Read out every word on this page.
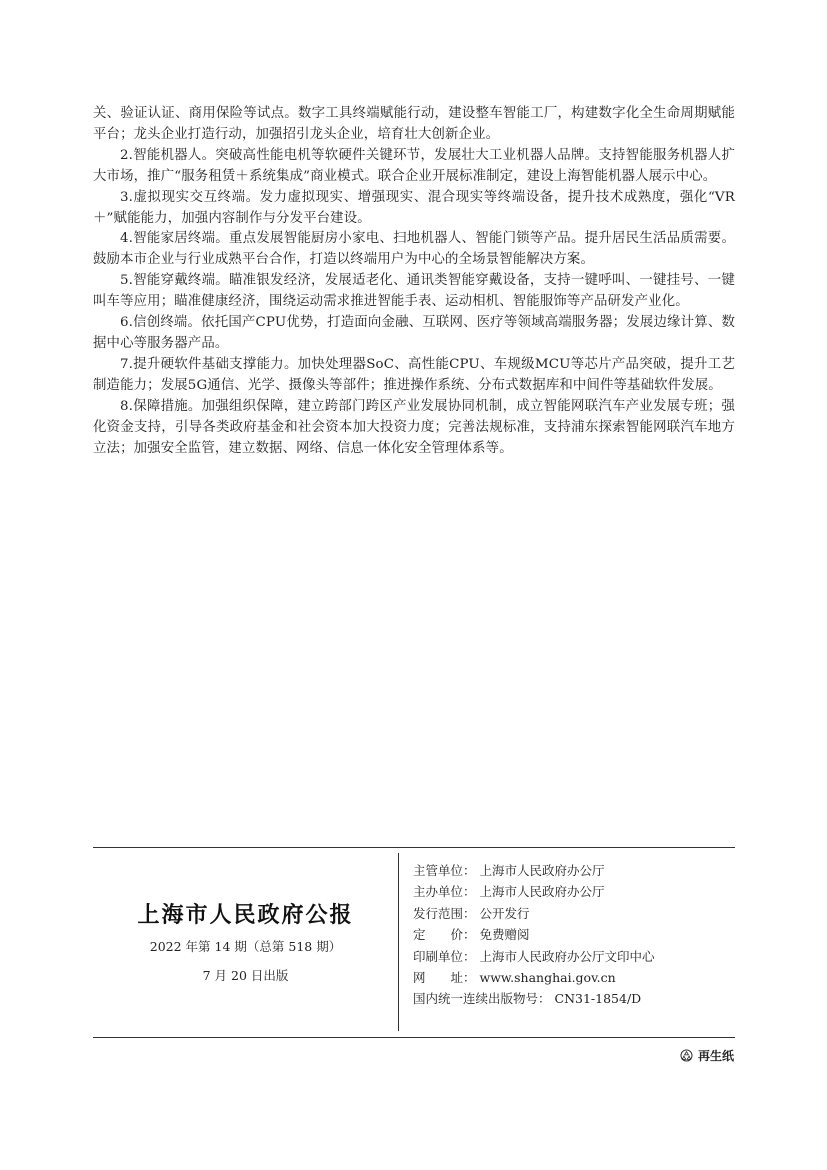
关、验证认证、商用保险等试点。数字工具终端赋能行动，建设整车智能工厂，构建数字化全生命周期赋能平台；龙头企业打造行动，加强招引龙头企业，培育壮大创新企业。

2.智能机器人。突破高性能电机等软硬件关键环节，发展壮大工业机器人品牌。支持智能服务机器人扩大市场，推广“服务租赁＋系统集成”商业模式。联合企业开展标准制定，建设上海智能机器人展示中心。

3.虚拟现实交互终端。发力虚拟现实、增强现实、混合现实等终端设备，提升技术成熟度，强化“VR＋”赋能能力，加强内容制作与分发平台建设。

4.智能家居终端。重点发展智能厨房小家电、扫地机器人、智能门锁等产品。提升居民生活品质需要。鼓励本市企业与行业成熟平台合作，打造以终端用户为中心的全场景智能解决方案。

5.智能穿戴终端。瞄准银发经济，发展适老化、通讯类智能穿戴设备，支持一键呼叫、一键挂号、一键叫车等应用；瞄准健康经济，围绕运动需求推进智能手表、运动相机、智能服饰等产品研发产业化。

6.信创终端。依托国产CPU优势，打造面向金融、互联网、医疗等领域高端服务器；发展边缘计算、数据中心等服务器产品。

7.提升硬软件基础支撑能力。加快处理器SoC、高性能CPU、车规级MCU等芯片产品突破，提升工艺制造能力；发展5G通信、光学、摄像头等部件；推进操作系统、分布式数据库和中间件等基础软件发展。

8.保障措施。加强组织保障，建立跨部门跨区产业发展协同机制，成立智能网联汽车产业发展专班；强化资金支持，引导各类政府基金和社会资本加大投资力度；完善法规标准，支持浦东探索智能网联汽车地方立法；加强安全监管，建立数据、网络、信息一体化安全管理体系等。

上海市人民政府公报
2022 年第 14 期（总第 518 期）
7 月 20 日出版
主管单位： 上海市人民政府办公厅
主办单位： 上海市人民政府办公厅
发行范围： 公开发行
定　　价： 免费赠阅
印刷单位： 上海市人民政府办公厅文印中心
网　　址： www.shanghai.gov.cn
国内统一连续出版物号： CN31-1854/D
再生纸
